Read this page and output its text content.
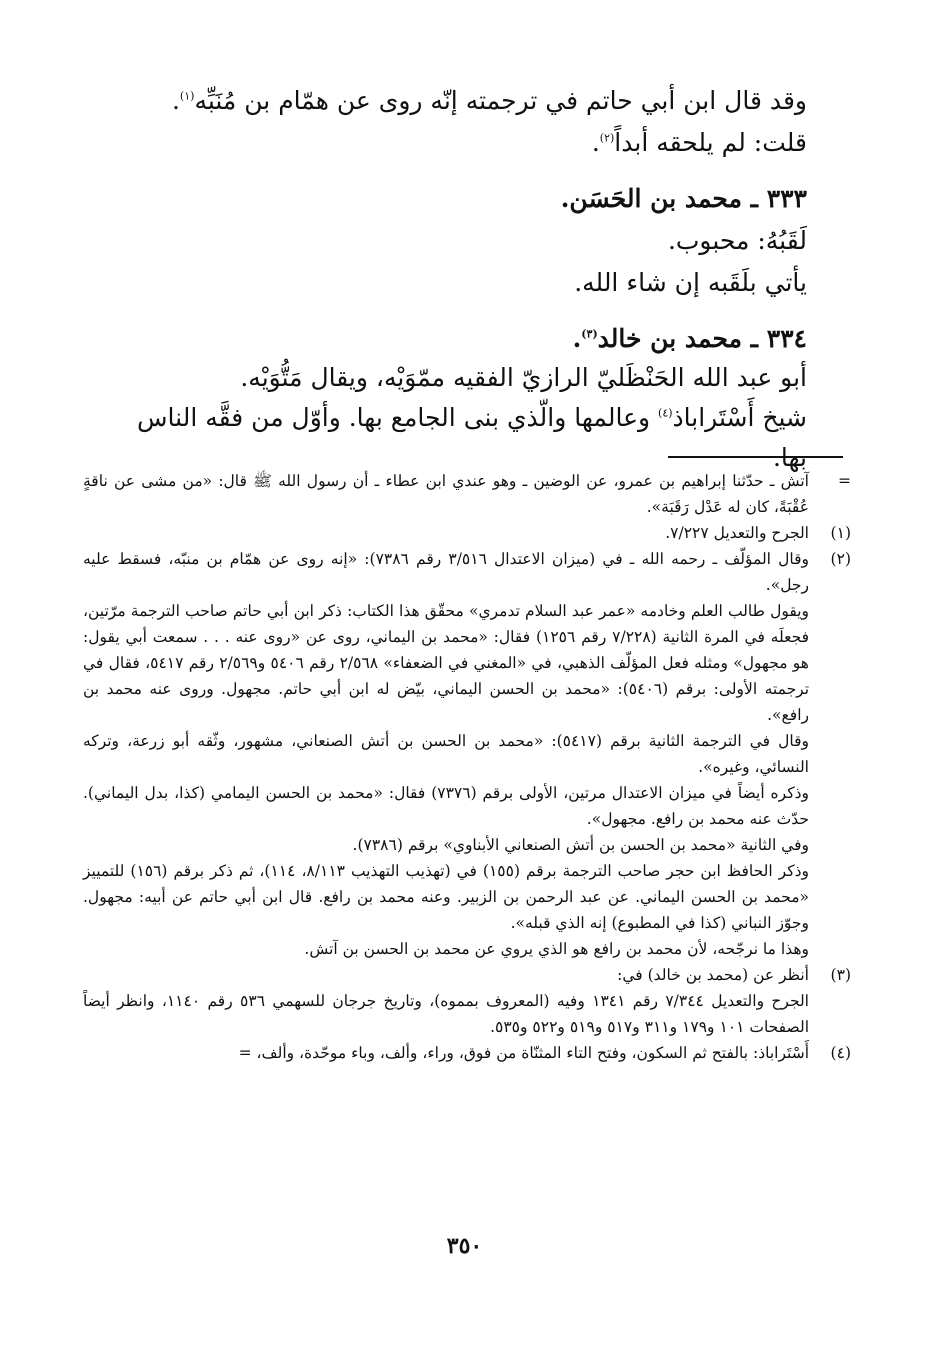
وقد قال ابن أبي حاتم في ترجمته إنّه روى عن همّام بن مُنَبِّه$^{(١)}$.

قلت: لم يلحقه أبداً$^{(٢)}$.

٣٣٣ ـ محمد بن الحَسَن.

لَقَبُهُ: محبوب.

يأتي بلَقَبه إن شاء الله.

٣٣٤ ـ محمد بن خالد$^{(٣)}$.

أبو عبد الله الحَنْظَليّ الرازيّ الفقيه ممّوَيْه، ويقال مَتُّوَيْه.

شيخ أَسْتَراباذ$^{(٤)}$ وعالمها والّذي بنى الجامع بها. وأوّل من فقَّه الناس بها.

=

آتش ـ حدّثنا إبراهيم بن عمرو، عن الوضين ـ وهو عندي ابن عطاء ـ أن رسول الله ﷺ قال: «من مشى عن ناقةٍ عُقْبَةً، كان له عَدْل رَقَبَة».

(١)

الجرح والتعديل ٧/٢٢٧.

(٢)

وقال المؤلّف ـ رحمه الله ـ في (ميزان الاعتدال ٣/٥١٦ رقم ٧٣٨٦): «إنه روى عن همّام بن منبّه، فسقط عليه رجل».

ويقول طالب العلم وخادمه «عمر عبد السلام تدمري» محقّق هذا الكتاب: ذكر ابن أبي حاتم صاحب الترجمة مرّتين، فجعلَه في المرة الثانية (٧/٢٢٨ رقم ١٢٥٦) فقال: «محمد بن اليماني، روى عن «روى عنه . . . سمعت أبي يقول: هو مجهول» ومثله فعل المؤلّف الذهبي، في «المغني في الضعفاء» ٢/٥٦٨ رقم ٥٤٠٦ و٢/٥٦٩ رقم ٥٤١٧، فقال في ترجمته الأولى: برقم (٥٤٠٦): «محمد بن الحسن اليماني، بيّض له ابن أبي حاتم. مجهول. وروى عنه محمد بن رافع».

وقال في الترجمة الثانية برقم (٥٤١٧): «محمد بن الحسن بن أتش الصنعاني، مشهور، وثّقه أبو زرعة، وتركه النسائي، وغيره».

وذكره أيضاً في ميزان الاعتدال مرتين، الأولى برقم (٧٣٧٦) فقال: «محمد بن الحسن اليمامي (كذا، بدل اليماني). حدّث عنه محمد بن رافع. مجهول».

وفي الثانية «محمد بن الحسن بن أتش الصنعاني الأبناوي» برقم (٧٣٨٦).

وذكر الحافظ ابن حجر صاحب الترجمة برقم (١٥٥) في (تهذيب التهذيب ٨/١١٣، ١١٤)، ثم ذكر برقم (١٥٦) للتمييز «محمد بن الحسن اليماني. عن عبد الرحمن بن الزبير. وعنه محمد بن رافع. قال ابن أبي حاتم عن أبيه: مجهول. وجوّز النباني (كذا في المطبوع) إنه الذي قبله».

وهذا ما نرجّحه، لأن محمد بن رافع هو الذي يروي عن محمد بن الحسن بن آتش.

(٣)

أنظر عن (محمد بن خالد) في:

الجرح والتعديل ٧/٣٤٤ رقم ١٣٤١ وفيه (المعروف بمموه)، وتاريخ جرجان للسهمي ٥٣٦ رقم ١١٤٠، وانظر أيضاً الصفحات ١٠١ و١٧٩ و٣١١ و٥١٧ و٥١٩ و٥٢٢ و٥٣٥.

(٤)

أَسْتَراباذ: بالفتح ثم السكون، وفتح التاء المثنّاة من فوق، وراء، وألف، وباء موحّدة، وألف، =

٣٥٠
